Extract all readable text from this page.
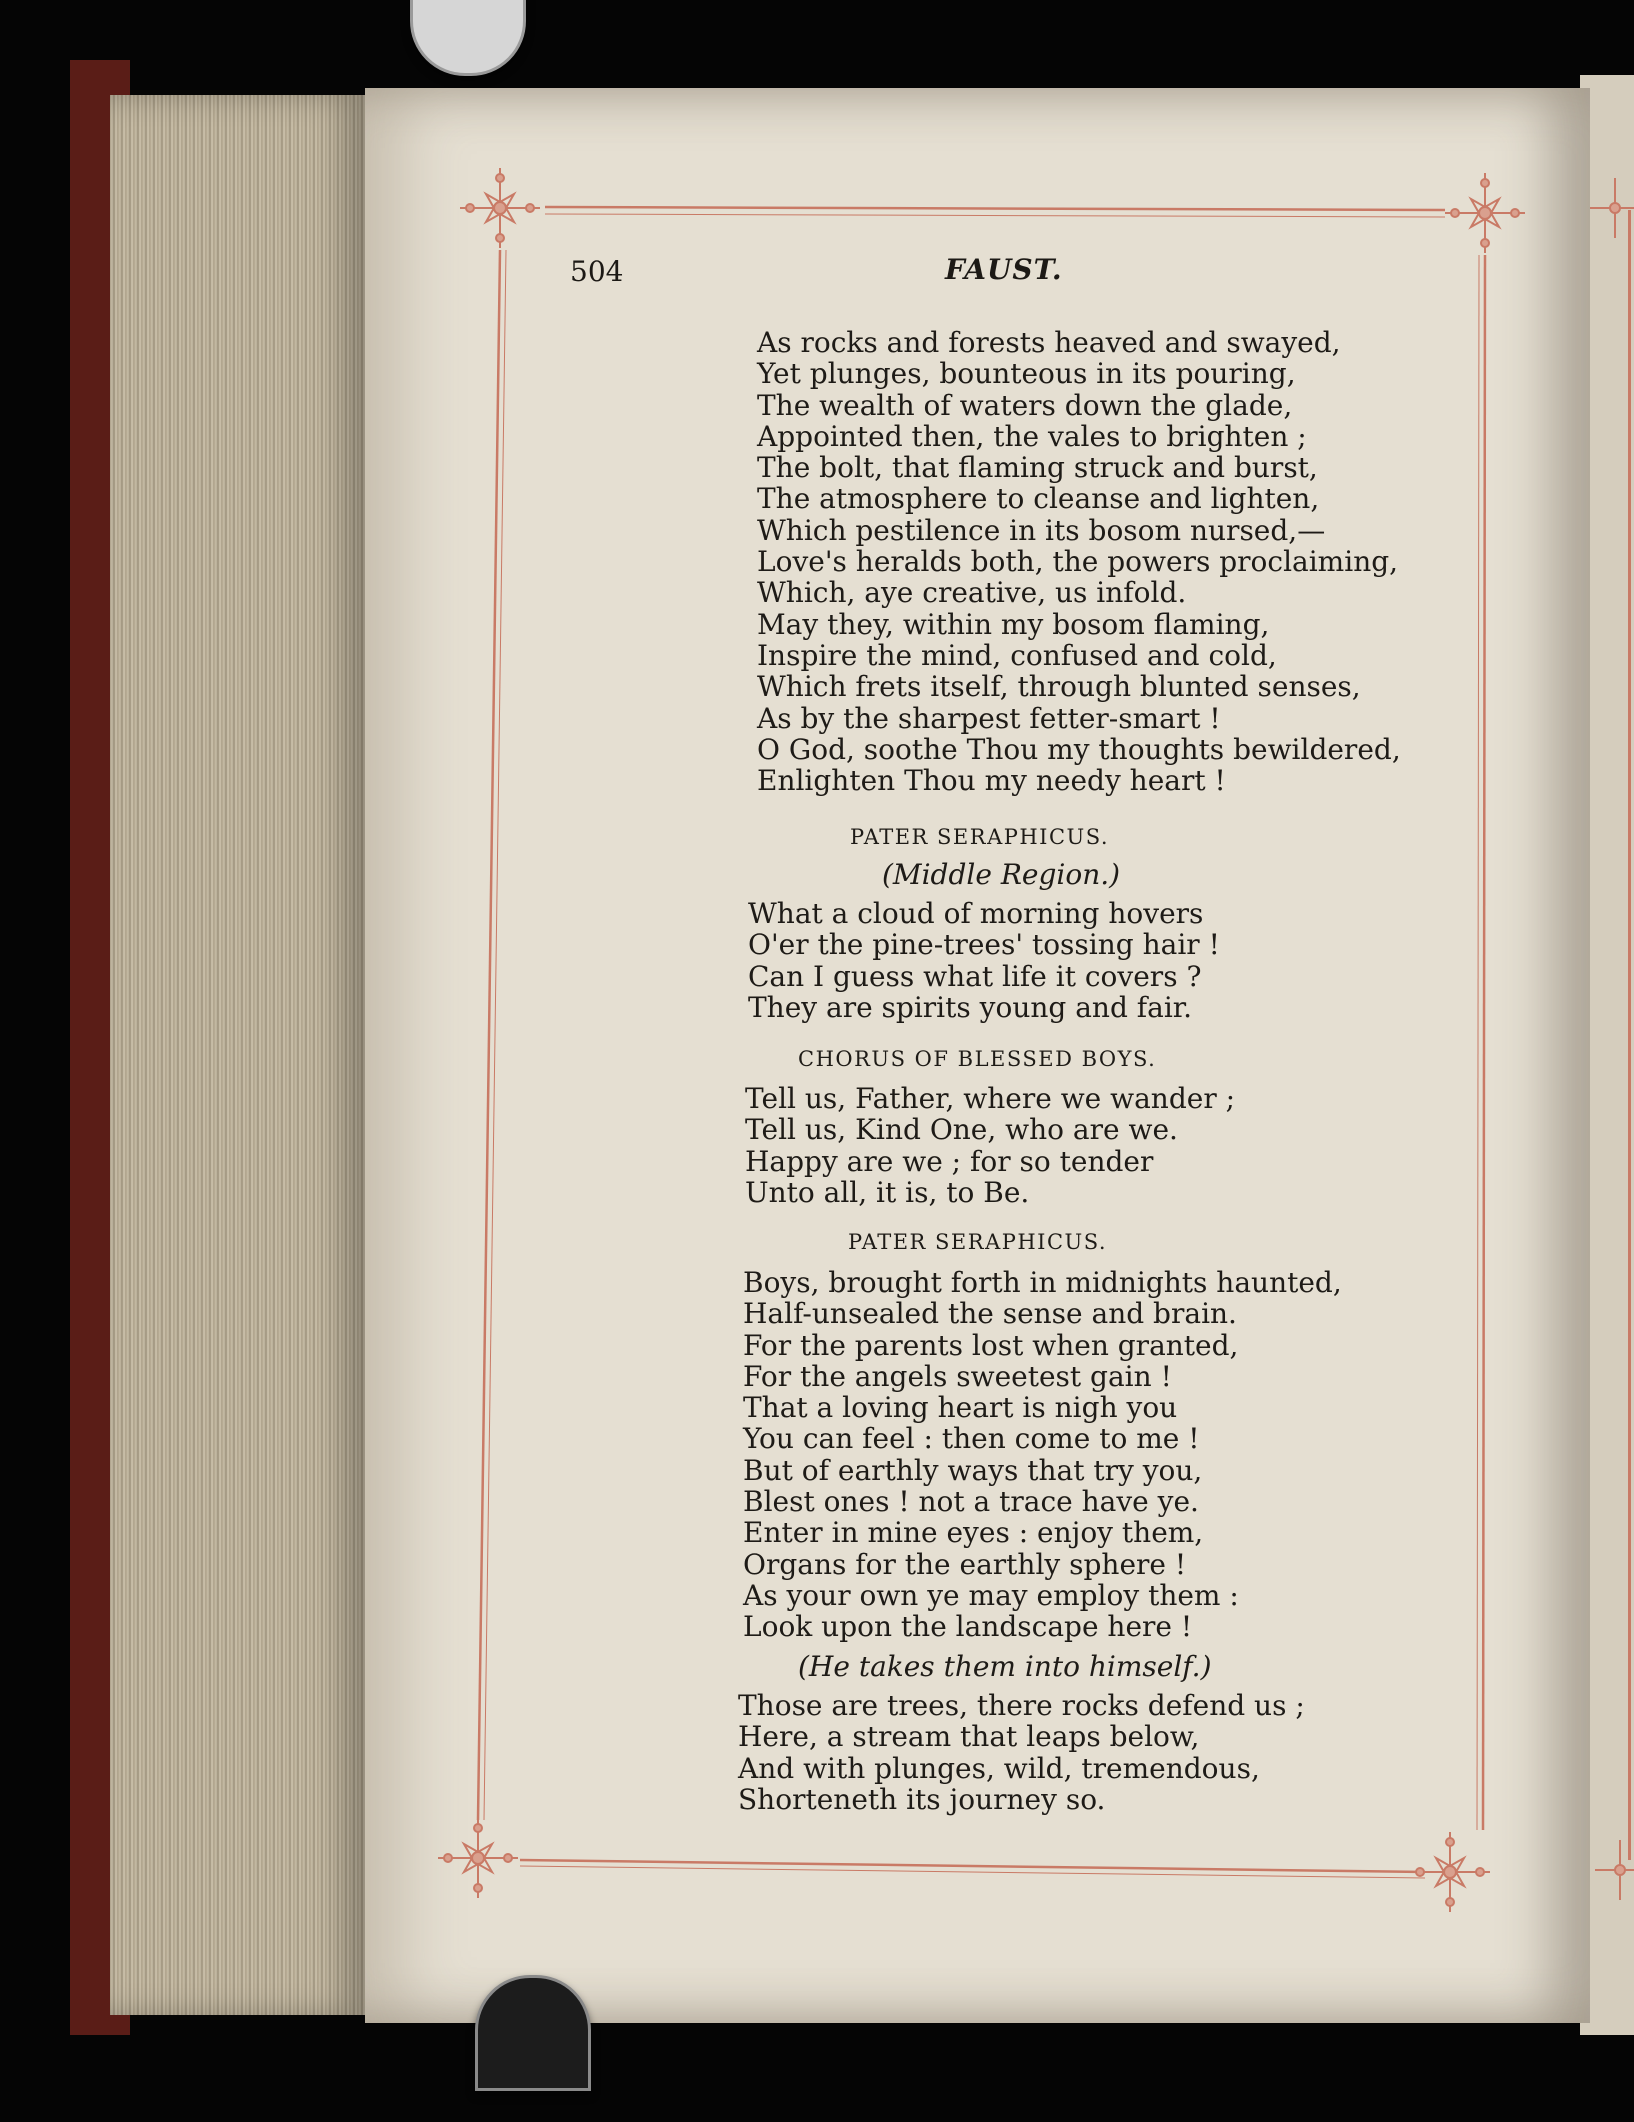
504	FAUST.
As rocks and forests heaved and swayed,
Yet plunges, bounteous in its pouring,
The wealth of waters down the glade,
Appointed then, the vales to brighten ;
The bolt, that flaming struck and burst,
The atmosphere to cleanse and lighten,
Which pestilence in its bosom nursed,—
Love's heralds both, the powers proclaiming,
Which, aye creative, us infold.
May they, within my bosom flaming,
Inspire the mind, confused and cold,
Which frets itself, through blunted senses,
As by the sharpest fetter-smart !
O God, soothe Thou my thoughts bewildered,
Enlighten Thou my needy heart !
PATER SERAPHICUS.
(Middle Region.)
What a cloud of morning hovers
O'er the pine-trees' tossing hair !
Can I guess what life it covers ?
They are spirits young and fair.
CHORUS OF BLESSED BOYS.
Tell us, Father, where we wander ;
Tell us, Kind One, who are we.
Happy are we ; for so tender
Unto all, it is, to Be.
PATER SERAPHICUS.
Boys, brought forth in midnights haunted,
Half-unsealed the sense and brain.
For the parents lost when granted,
For the angels sweetest gain !
That a loving heart is nigh you
You can feel : then come to me !
But of earthly ways that try you,
Blest ones ! not a trace have ye.
Enter in mine eyes : enjoy them,
Organs for the earthly sphere !
As your own ye may employ them :
Look upon the landscape here !
(He takes them into himself.)
Those are trees, there rocks defend us ;
Here, a stream that leaps below,
And with plunges, wild, tremendous,
Shorteneth its journey so.
